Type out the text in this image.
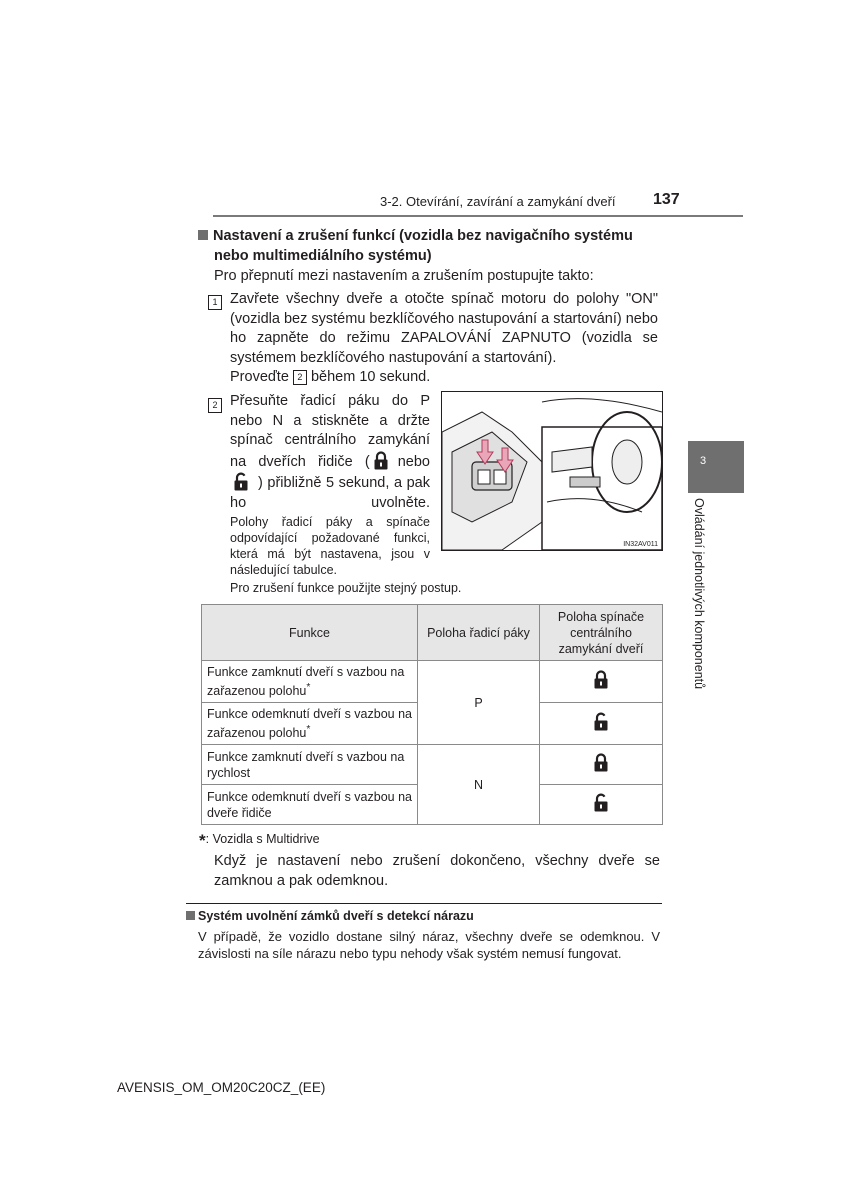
3-2. Otevírání, zavírání a zamykání dveří 137
3
Ovládání jednotlivých komponentů
Nastavení a zrušení funkcí (vozidla bez navigačního systému
nebo multimediálního systému)
Pro přepnutí mezi nastavením a zrušením postupujte takto:
1 Zavřete všechny dveře a otočte spínač motoru do polohy "ON" (vozidla bez systému bezklíčového nastupování a startování) nebo ho zapněte do režimu ZAPALOVÁNÍ ZAPNUTO (vozidla se systémem bezklíčového nastupování a startování).
Proveďte 2 během 10 sekund.
2 Přesuňte řadicí páku do P nebo N a stiskněte a držte spínač centrálního zamykání na dveřích řidiče ( nebo
) přibližně 5 sekund, a pak ho uvolněte.
Polohy řadicí páky a spínače odpovídající požadované funkci, která má být nastavena, jsou v následující tabulce.
Pro zrušení funkce použijte stejný postup.
IN32AV011
Funkce	Poloha řadicí páky	Poloha spínače centrálního zamykání dveří
Funkce zamknutí dveří s vazbou na zařazenou polohu*	P	
Funkce odemknutí dveří s vazbou na zařazenou polohu*	
Funkce zamknutí dveří s vazbou na rychlost	N	
Funkce odemknutí dveří s vazbou na dveře řidiče	
*: Vozidla s Multidrive
Když je nastavení nebo zrušení dokončeno, všechny dveře se zamknou a pak odemknou.
Systém uvolnění zámků dveří s detekcí nárazu
V případě, že vozidlo dostane silný náraz, všechny dveře se odemknou. V závislosti na síle nárazu nebo typu nehody však systém nemusí fungovat.
AVENSIS_OM_OM20C20CZ_(EE)
